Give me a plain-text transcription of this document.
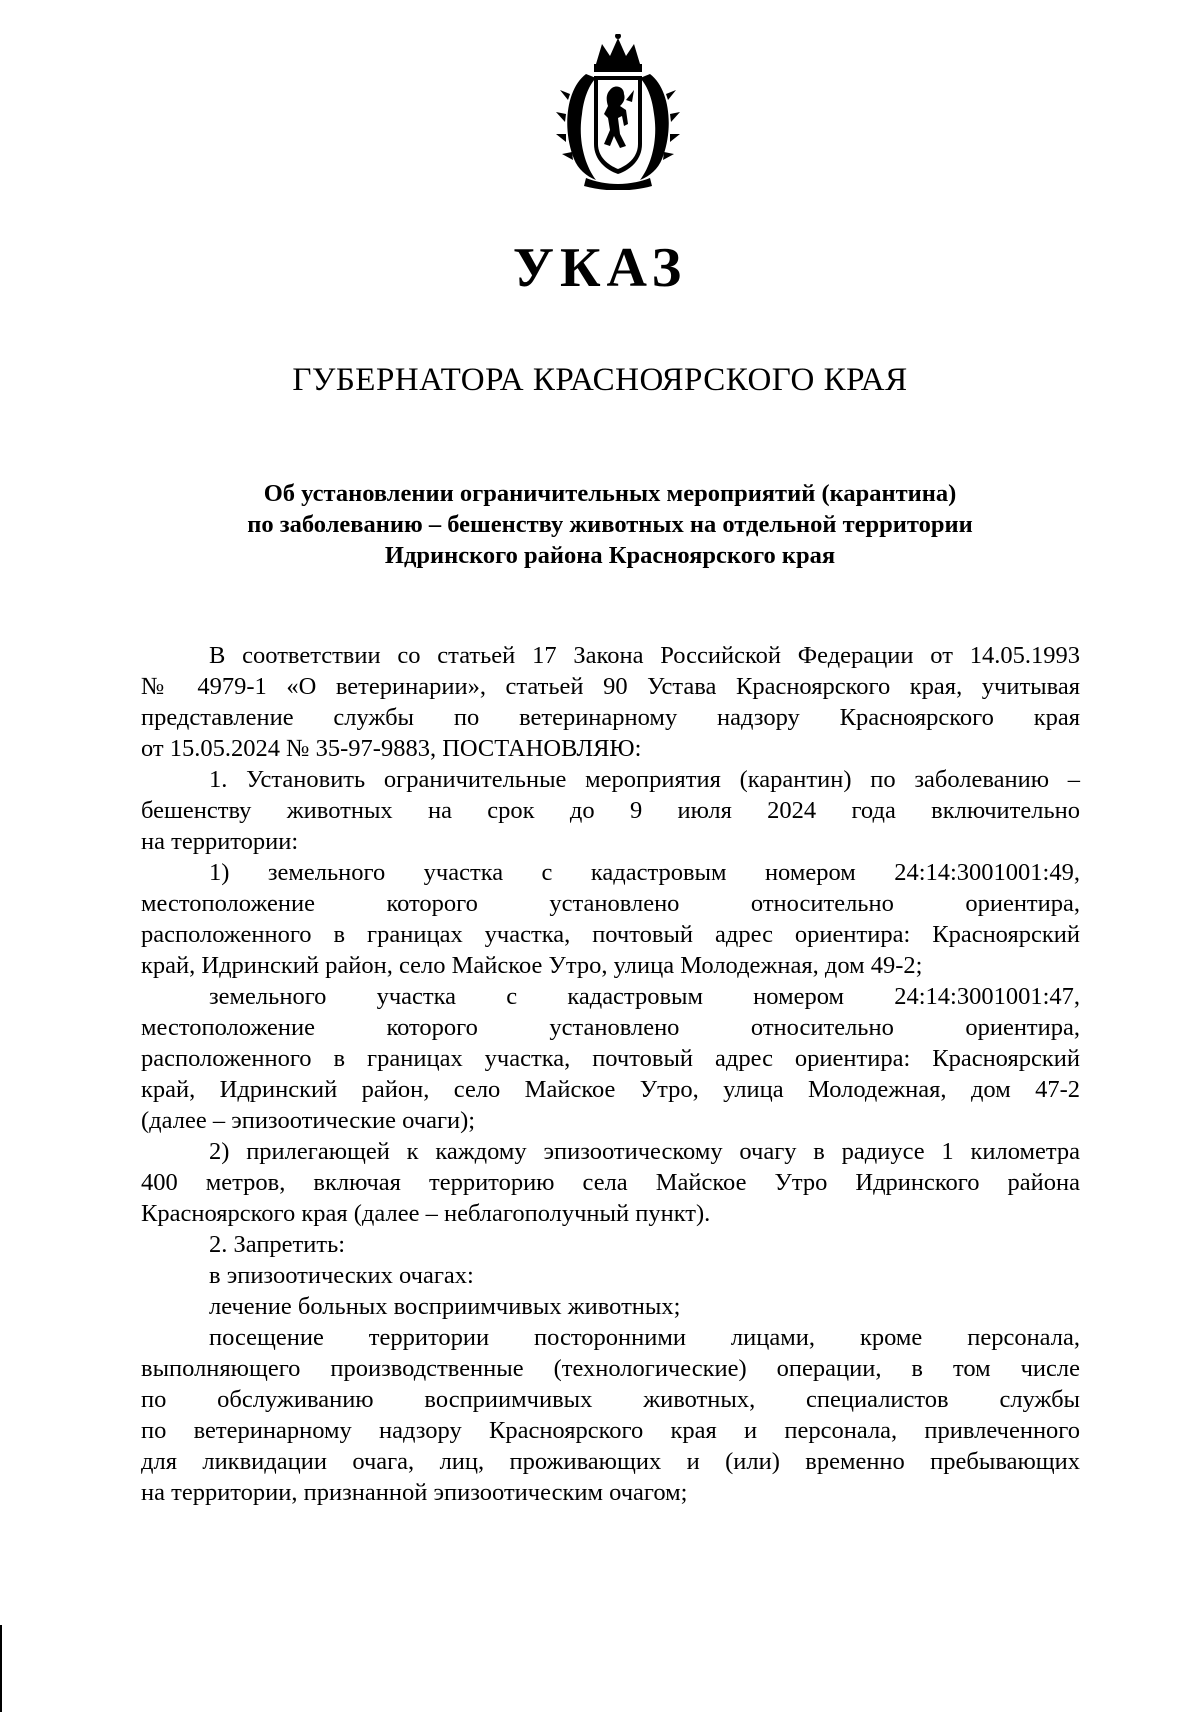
УКАЗ
ГУБЕРНАТОРА КРАСНОЯРСКОГО КРАЯ
Об установлении ограничительных мероприятий (карантина)
по заболеванию – бешенству животных на отдельной территории
Идринского района Красноярского края
В соответствии со статьей 17 Закона Российской Федерации от 14.05.1993
№ 4979-1 «О ветеринарии», статьей 90 Устава Красноярского края, учитывая
представление службы по ветеринарному надзору Красноярского края
от 15.05.2024 № 35-97-9883, ПОСТАНОВЛЯЮ:
1. Установить ограничительные мероприятия (карантин) по заболеванию –
бешенству животных на срок до 9 июля 2024 года включительно
на территории:
1) земельного участка с кадастровым номером 24:14:3001001:49,
местоположение которого установлено относительно ориентира,
расположенного в границах участка, почтовый адрес ориентира: Красноярский
край, Идринский район, село Майское Утро, улица Молодежная, дом 49-2;
земельного участка с кадастровым номером 24:14:3001001:47,
местоположение которого установлено относительно ориентира,
расположенного в границах участка, почтовый адрес ориентира: Красноярский
край, Идринский район, село Майское Утро, улица Молодежная, дом 47-2
(далее – эпизоотические очаги);
2) прилегающей к каждому эпизоотическому очагу в радиусе 1 километра
400 метров, включая территорию села Майское Утро Идринского района
Красноярского края (далее – неблагополучный пункт).
2. Запретить:
в эпизоотических очагах:
лечение больных восприимчивых животных;
посещение территории посторонними лицами, кроме персонала,
выполняющего производственные (технологические) операции, в том числе
по обслуживанию восприимчивых животных, специалистов службы
по ветеринарному надзору Красноярского края и персонала, привлеченного
для ликвидации очага, лиц, проживающих и (или) временно пребывающих
на территории, признанной эпизоотическим очагом;
